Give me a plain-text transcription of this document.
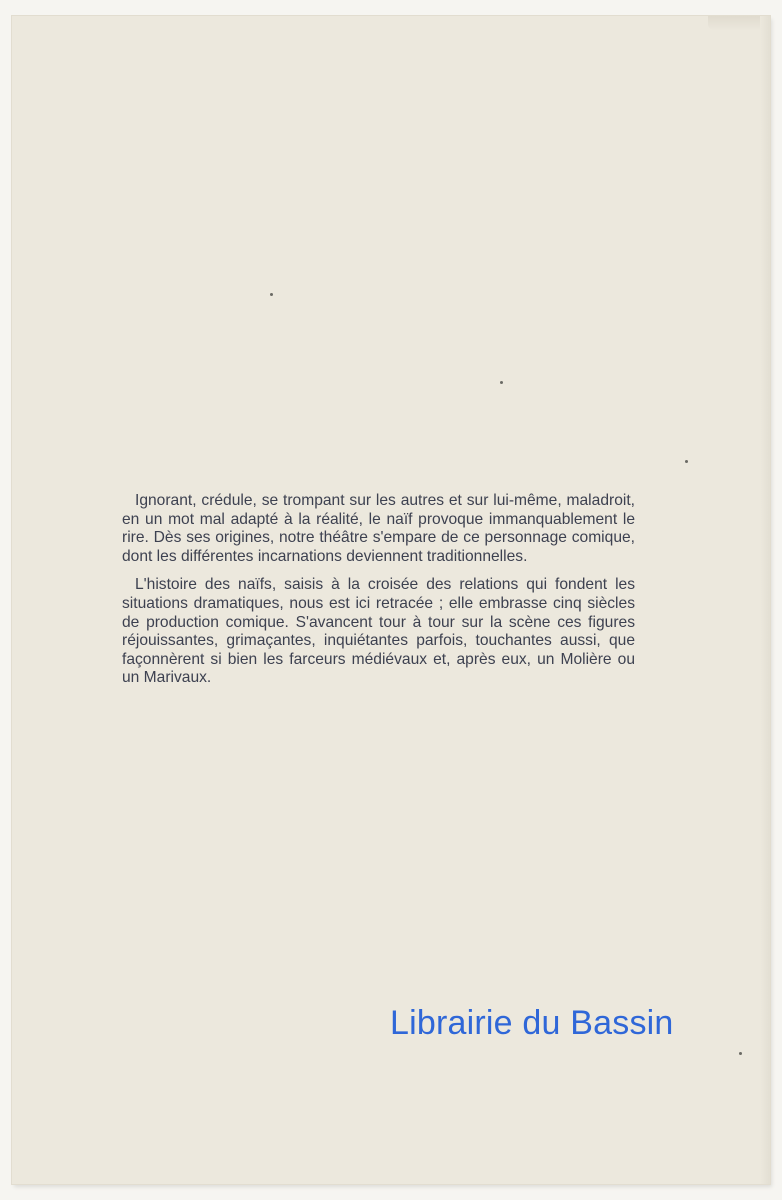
Ignorant, crédule, se trompant sur les autres et sur lui-même, maladroit, en un mot mal adapté à la réalité, le naïf provoque immanquablement le rire. Dès ses origines, notre théâtre s'empare de ce personnage comique, dont les différentes incarnations deviennent traditionnelles.

L'histoire des naïfs, saisis à la croisée des relations qui fondent les situations dramatiques, nous est ici retracée ; elle embrasse cinq siècles de production comique. S'avancent tour à tour sur la scène ces figures réjouissantes, grimaçantes, inquiétantes parfois, touchantes aussi, que façonnèrent si bien les farceurs médiévaux et, après eux, un Molière ou un Marivaux.

Librairie du Bassin
